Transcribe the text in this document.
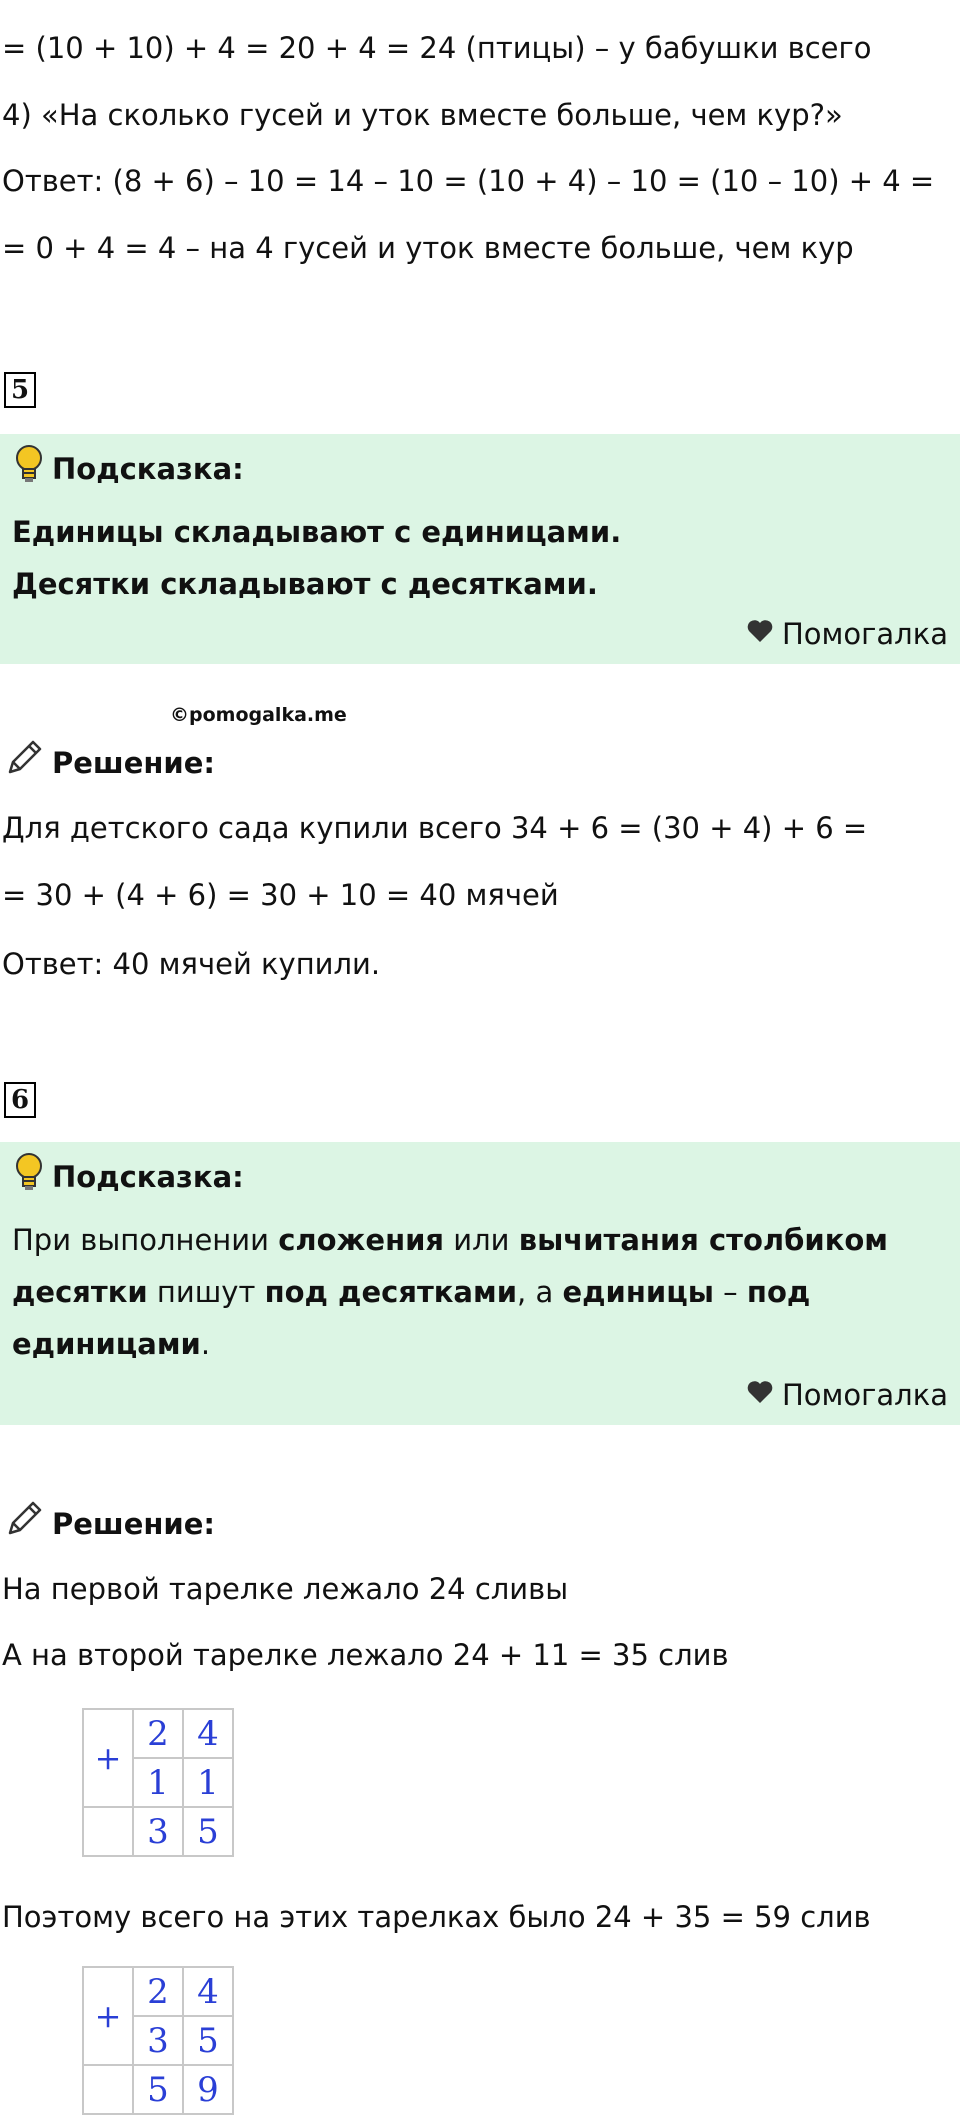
= (10 + 10) + 4 = 20 + 4 = 24 (птицы) – у бабушки всего
4) «На сколько гусей и уток вместе больше, чем кур?»
Ответ: (8 + 6) – 10 = 14 – 10 = (10 + 4) – 10 = (10 – 10) + 4 =
= 0 + 4 = 4 – на 4 гусей и уток вместе больше, чем кур
5
Подсказка:
Единицы складывают с единицами.
Десятки складывают с десятками.
Помогалка
©pomogalka.me
Решение:
Для детского сада купили всего 34 + 6 = (30 + 4) + 6 =
= 30 + (4 + 6) = 30 + 10 = 40 мячей
Ответ: 40 мячей купили.
6
Подсказка:
При выполнении сложения или вычитания столбиком
десятки пишут под десятками, а единицы – под
единицами.
Помогалка
Решение:
На первой тарелке лежало 24 сливы
А на второй тарелке лежало 24 + 11 = 35 слив
+	2	4
	1	1
	3	5
Поэтому всего на этих тарелках было 24 + 35 = 59 слив
+	2	4
	3	5
	5	9
